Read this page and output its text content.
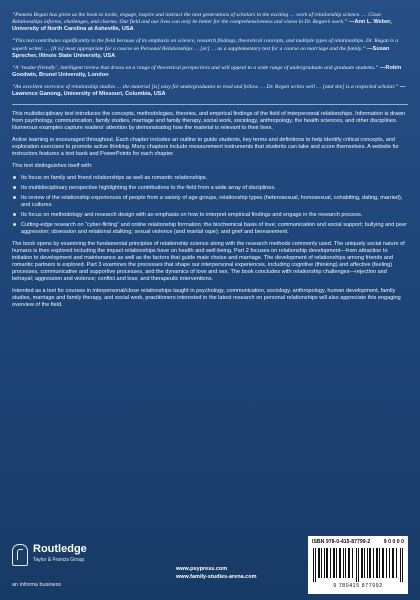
“Pamela Regan has given us the book to invite, engage, inspire and instruct the next generations of scholars in the exciting … work of relationship science. … Close Relationships informs, challenges, and charms. Our field and our lives can only be better for the comprehensiveness and vision in Dr. Regan’s work.” —Ann L. Weber, University of North Carolina at Asheville, USA

“This text contributes significantly to the field because of its emphasis on science, research findings, theoretical concepts, and multiple types of relationships. Dr. Regan is a superb writer. … [It is] most appropriate for a course on Personal Relationships … [or] … as a supplementary text for a course on marriage and the family.” —Susan Sprecher, Illinois State University, USA

“A ‘reader-friendly’, intelligent review that draws on a range of theoretical perspectives and will appeal to a wide range of undergraduate and graduate students.” —Robin Goodwin, Brunel University, London

“An excellent overview of relationship studies … the material [is] easy for undergraduates to read and follow. … Dr. Regan writes well … [and she] is a respected scholar.” —Lawrence Ganong, University of Missouri, Columbia, USA

This multidisciplinary text introduces the concepts, methodologies, theories, and empirical findings of the field of interpersonal relationships. Information is drawn from psychology, communication, family studies, marriage and family therapy, social work, sociology, anthropology, the health sciences, and other disciplines. Numerous examples capture readers’ attention by demonstrating how the material is relevant to their lives.

Active learning is encouraged throughout. Each chapter includes an outline to guide students, key terms and definitions to help identify critical concepts, and exploration exercises to promote active thinking. Many chapters include measurement instruments that students can take and score themselves. A website for instructors features a test bank and PowerPoints for each chapter.

This text distinguishes itself with:

Its focus on family and friend relationships as well as romantic relationships.
Its multidisciplinary perspective highlighting the contributions to the field from a wide array of disciplines.
Its review of the relationship experiences of people from a variety of age groups, relationship types (heterosexual, homosexual, cohabiting, dating, married), and cultures.
Its focus on methodology and research design with an emphasis on how to interpret empirical findings and engage in the research process.
Cutting-edge research on “cyber-flirting” and online relationship formation; the biochemical basis of love; communication and social support; bullying and peer aggression; obsession and relational stalking; sexual violence (and marital rape); and grief and bereavement.

The book opens by examining the fundamental principles of relationship science along with the research methods commonly used. The uniquely social nature of humans is then explored including the impact relationships have on health and well-being. Part 2 focuses on relationship development—from attraction to initiation to development and maintenance as well as the factors that guide mate choice and marriage. The development of relationships among friends and romantic partners is explored. Part 3 examines the processes that shape our interpersonal experiences, including cognitive (thinking) and affective (feeling) processes, communicative and supportive processes, and the dynamics of love and sex. The book concludes with relationship challenges—rejection and betrayal; aggression and violence; conflict and loss; and therapeutic interventions.

Intended as a text for courses in interpersonal/close relationships taught in psychology, communication, sociology, anthropology, human development, family studies, marriage and family therapy, and social work, practitioners interested in the latest research on personal relationships will also appreciate this engaging overview of the field.

Routledge
Taylor & Francis Group
an informa business
www.psypress.com
www.family-studies-arena.com
ISBN 978-0-415-87799-2	9 0 0 0 0
9 780415 877992
